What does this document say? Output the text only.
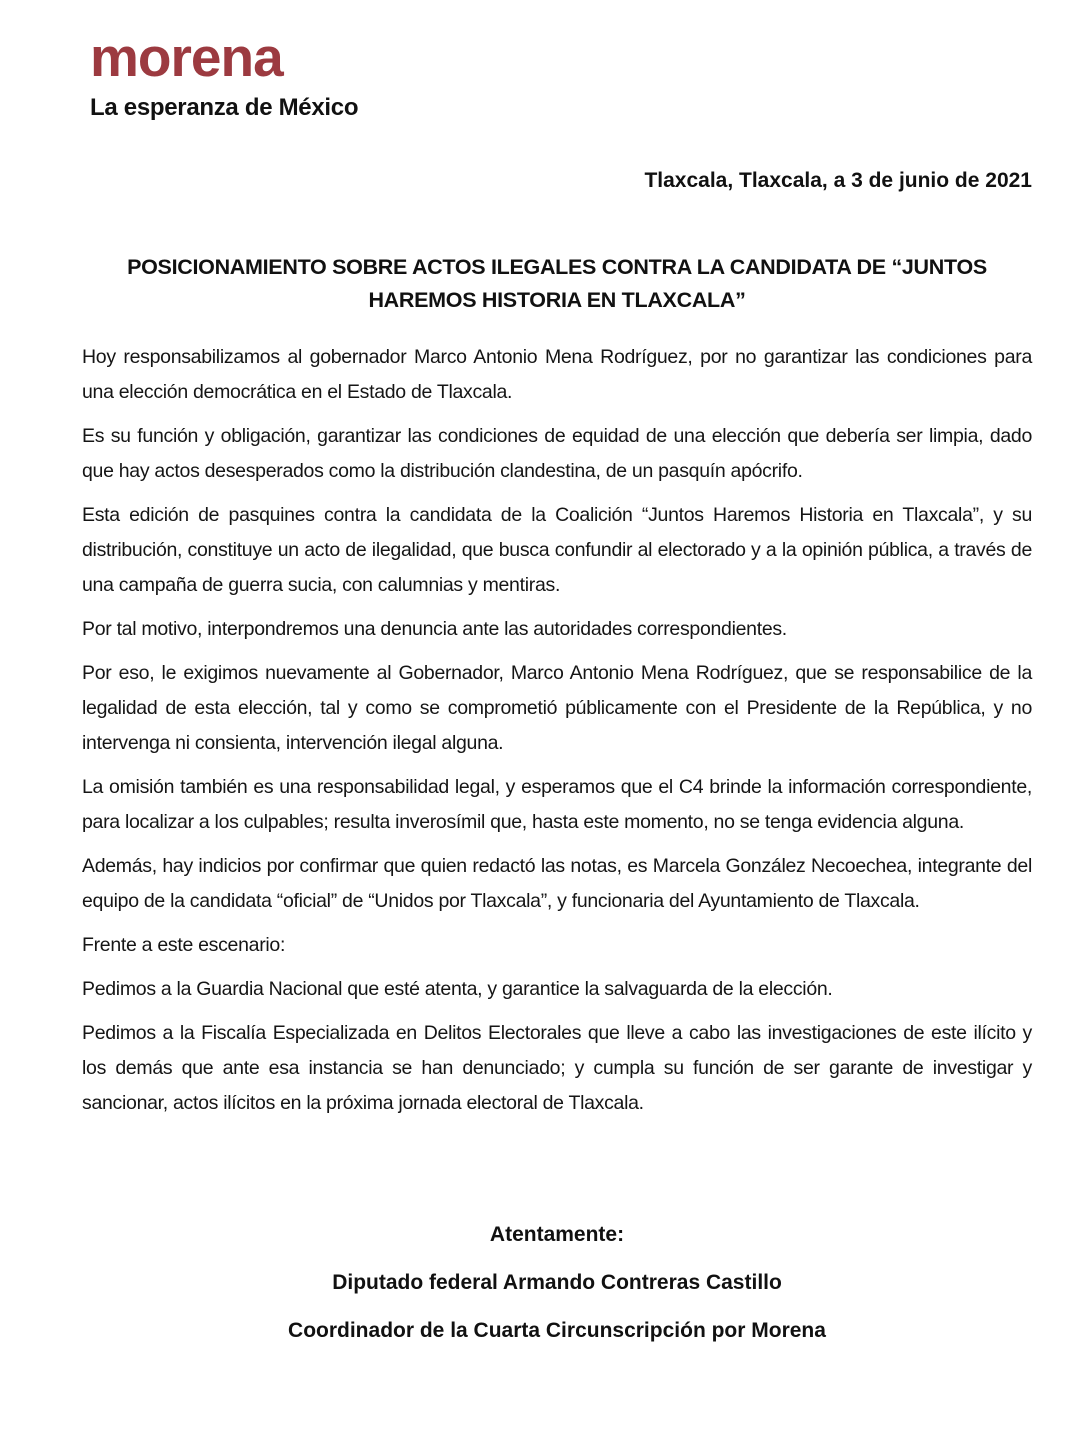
morena
La esperanza de México

Tlaxcala, Tlaxcala, a 3 de junio de 2021

POSICIONAMIENTO SOBRE ACTOS ILEGALES CONTRA LA CANDIDATA DE “JUNTOS HAREMOS HISTORIA EN TLAXCALA”

Hoy responsabilizamos al gobernador Marco Antonio Mena Rodríguez, por no garantizar las condiciones para una elección democrática en el Estado de Tlaxcala.

Es su función y obligación, garantizar las condiciones de equidad de una elección que debería ser limpia, dado que hay actos desesperados como la distribución clandestina, de un pasquín apócrifo.

Esta edición de pasquines contra la candidata de la Coalición “Juntos Haremos Historia en Tlaxcala”, y su distribución, constituye un acto de ilegalidad, que busca confundir al electorado y a la opinión pública, a través de una campaña de guerra sucia, con calumnias y mentiras.

Por tal motivo, interpondremos una denuncia ante las autoridades correspondientes.

Por eso, le exigimos nuevamente al Gobernador, Marco Antonio Mena Rodríguez, que se responsabilice de la legalidad de esta elección, tal y como se comprometió públicamente con el Presidente de la República, y no intervenga ni consienta, intervención ilegal alguna.

La omisión también es una responsabilidad legal, y esperamos que el C4 brinde la información correspondiente, para localizar a los culpables; resulta inverosímil que, hasta este momento, no se tenga evidencia alguna.

Además, hay indicios por confirmar que quien redactó las notas, es Marcela González Necoechea, integrante del equipo de la candidata “oficial” de “Unidos por Tlaxcala”, y funcionaria del Ayuntamiento de Tlaxcala.

Frente a este escenario:

Pedimos a la Guardia Nacional que esté atenta, y garantice la salvaguarda de la elección.

Pedimos a la Fiscalía Especializada en Delitos Electorales que lleve a cabo las investigaciones de este ilícito y los demás que ante esa instancia se han denunciado; y cumpla su función de ser garante de investigar y sancionar, actos ilícitos en la próxima jornada electoral de Tlaxcala.

Atentamente:

Diputado federal Armando Contreras Castillo

Coordinador de la Cuarta Circunscripción por Morena
